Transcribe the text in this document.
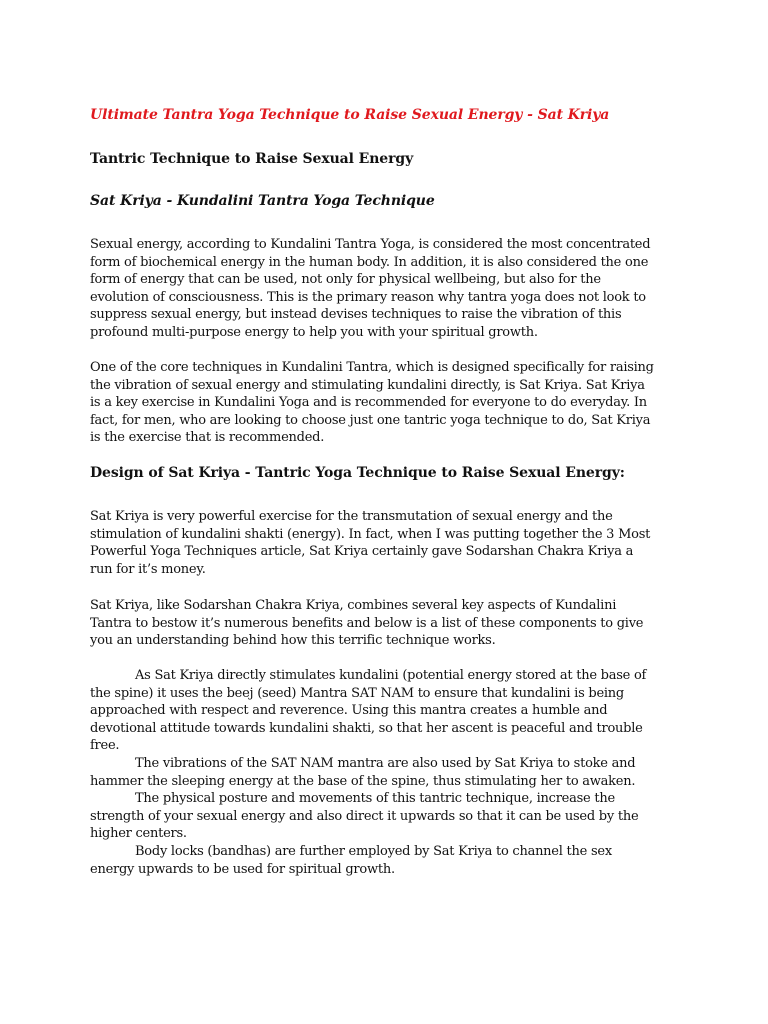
Ultimate Tantra Yoga Technique to Raise Sexual Energy - Sat Kriya

Tantric Technique to Raise Sexual Energy

Sat Kriya - Kundalini Tantra Yoga Technique

Sexual energy, according to Kundalini Tantra Yoga, is considered the most concentrated

form of biochemical energy in the human body. In addition, it is also considered the one

form of energy that can be used, not only for physical wellbeing, but also for the

evolution of consciousness. This is the primary reason why tantra yoga does not look to

suppress sexual energy, but instead devises techniques to raise the vibration of this

profound multi-purpose energy to help you with your spiritual growth.

One of the core techniques in Kundalini Tantra, which is designed specifically for raising

the vibration of sexual energy and stimulating kundalini directly, is Sat Kriya. Sat Kriya

is a key exercise in Kundalini Yoga and is recommended for everyone to do everyday. In

fact, for men, who are looking to choose just one tantric yoga technique to do, Sat Kriya

is the exercise that is recommended.

Design of Sat Kriya - Tantric Yoga Technique to Raise Sexual Energy:

Sat Kriya is very powerful exercise for the transmutation of sexual energy and the

stimulation of kundalini shakti (energy). In fact, when I was putting together the 3 Most

Powerful Yoga Techniques article, Sat Kriya certainly gave Sodarshan Chakra Kriya a

run for it’s money.

Sat Kriya, like Sodarshan Chakra Kriya, combines several key aspects of Kundalini

Tantra to bestow it’s numerous benefits and below is a list of these components to give

you an understanding behind how this terrific technique works.

As Sat Kriya directly stimulates kundalini (potential energy stored at the base of

the spine) it uses the beej (seed) Mantra SAT NAM to ensure that kundalini is being

approached with respect and reverence. Using this mantra creates a humble and

devotional attitude towards kundalini shakti, so that her ascent is peaceful and trouble

free.

The vibrations of the SAT NAM mantra are also used by Sat Kriya to stoke and

hammer the sleeping energy at the base of the spine, thus stimulating her to awaken.

The physical posture and movements of this tantric technique, increase the

strength of your sexual energy and also direct it upwards so that it can be used by the

higher centers.

Body locks (bandhas) are further employed by Sat Kriya to channel the sex

energy upwards to be used for spiritual growth.
